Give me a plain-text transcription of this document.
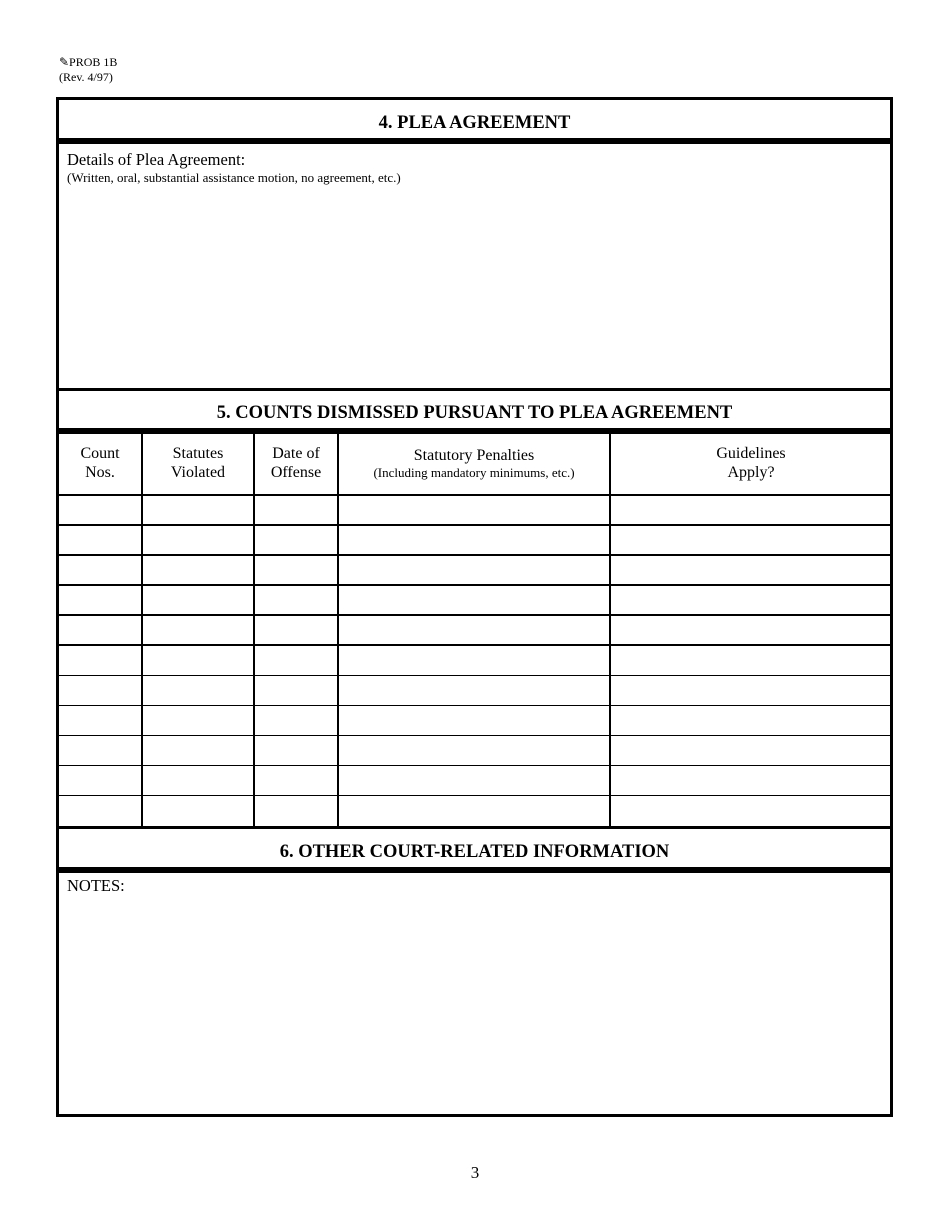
✎PROB 1B
(Rev. 4/97)
4. PLEA AGREEMENT
Details of Plea Agreement:
(Written, oral, substantial assistance motion, no agreement, etc.)
5. COUNTS DISMISSED PURSUANT TO PLEA AGREEMENT
Count
Nos.
Statutes
Violated
Date of
Offense
Statutory Penalties
(Including mandatory minimums, etc.)
Guidelines
Apply?
6. OTHER COURT-RELATED INFORMATION
NOTES:
3
